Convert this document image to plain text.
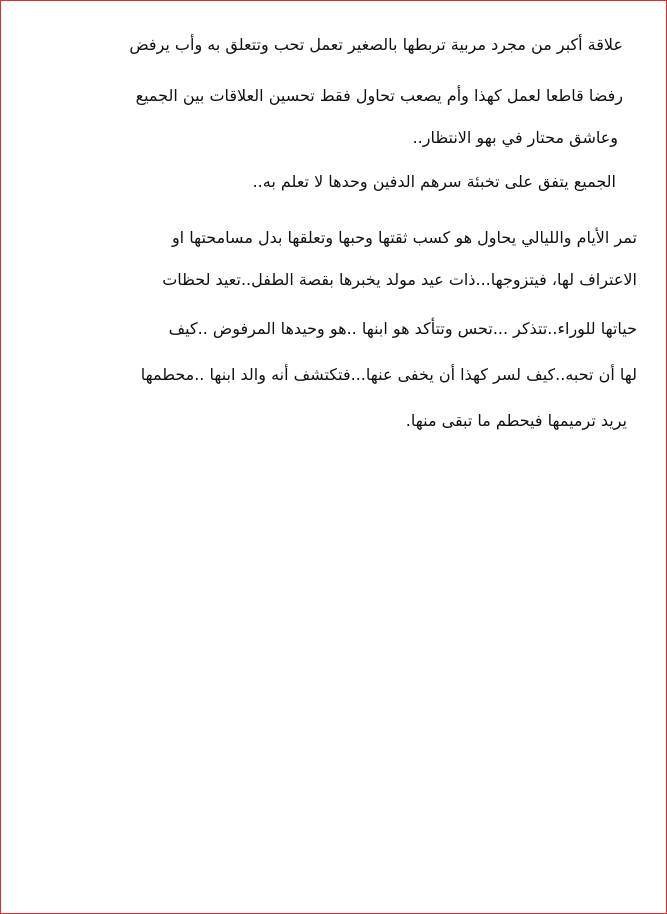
علاقة أكبر من مجرد مربية تربطها بالصغير تعمل تحب وتتعلق به وأب يرفض
رفضا قاطعا لعمل كهذا وأم يصعب تحاول فقط تحسين العلاقات بين الجميع
وعاشق محتار في بهو الانتظار..
الجميع يتفق على تخبئة سرهم الدفين وحدها لا تعلم به..
تمر الأيام والليالي يحاول هو كسب ثقتها وحبها وتعلقها بدل مسامحتها او
الاعتراف لها، فيتزوجها...ذات عيد مولد يخبرها بقصة الطفل..تعيد لحظات
حياتها للوراء..تتذكر ...تحس وتتأكد هو ابنها ..هو وحيدها المرفوض ..كيف
لها أن تحبه..كيف لسر كهذا أن يخفى عنها...فتكتشف أنه والد ابنها ..محطمها
يريد ترميمها فيحطم ما تبقى منها.
